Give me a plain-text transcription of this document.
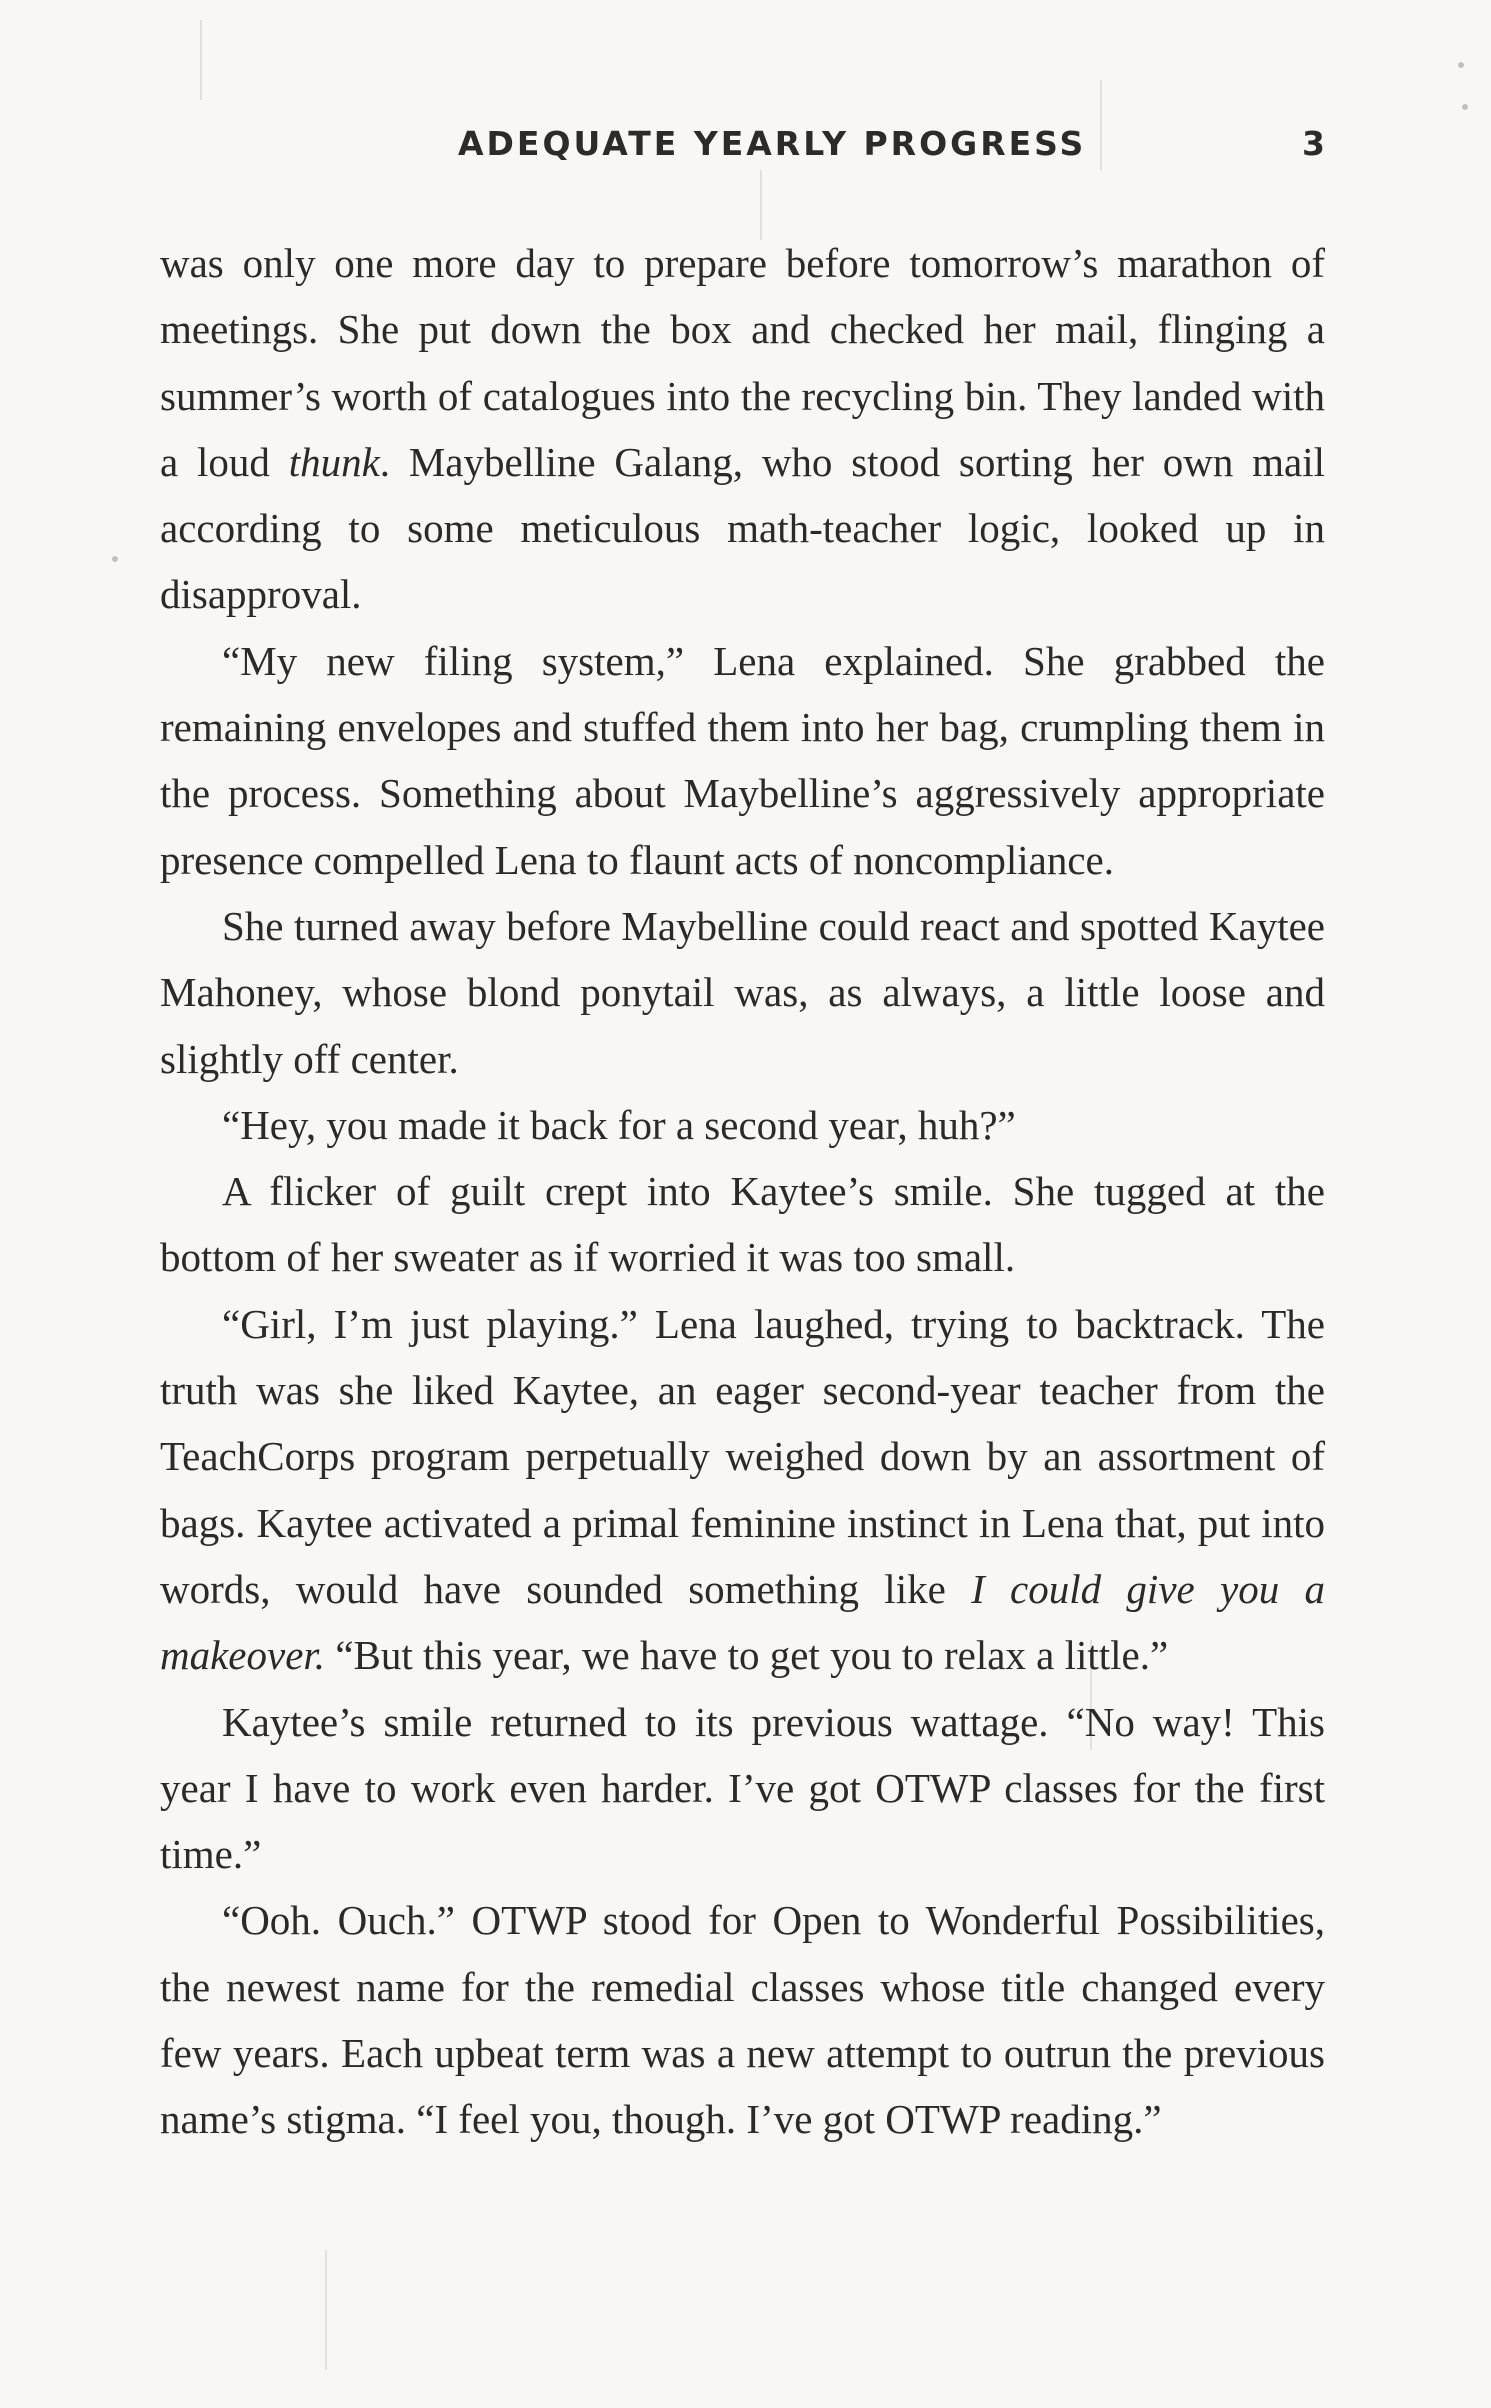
ADEQUATE YEARLY PROGRESS	3

was only one more day to prepare before tomorrow’s marathon of meetings. She put down the box and checked her mail, flinging a summer’s worth of catalogues into the recycling bin. They landed with a loud thunk. Maybelline Galang, who stood sorting her own mail according to some meticulous math-teacher logic, looked up in disapproval.

“My new filing system,” Lena explained. She grabbed the remaining envelopes and stuffed them into her bag, crumpling them in the process. Something about Maybelline’s aggressively appropriate presence compelled Lena to flaunt acts of noncompliance.

She turned away before Maybelline could react and spotted Kaytee Mahoney, whose blond ponytail was, as always, a little loose and slightly off center.

“Hey, you made it back for a second year, huh?”

A flicker of guilt crept into Kaytee’s smile. She tugged at the bottom of her sweater as if worried it was too small.

“Girl, I’m just playing.” Lena laughed, trying to backtrack. The truth was she liked Kaytee, an eager second-year teacher from the TeachCorps program perpetually weighed down by an assortment of bags. Kaytee activated a primal feminine instinct in Lena that, put into words, would have sounded something like I could give you a makeover. “But this year, we have to get you to relax a little.”

Kaytee’s smile returned to its previous wattage. “No way! This year I have to work even harder. I’ve got OTWP classes for the first time.”

“Ooh. Ouch.” OTWP stood for Open to Wonderful Possibilities, the newest name for the remedial classes whose title changed every few years. Each upbeat term was a new attempt to outrun the previous name’s stigma. “I feel you, though. I’ve got OTWP reading.”
